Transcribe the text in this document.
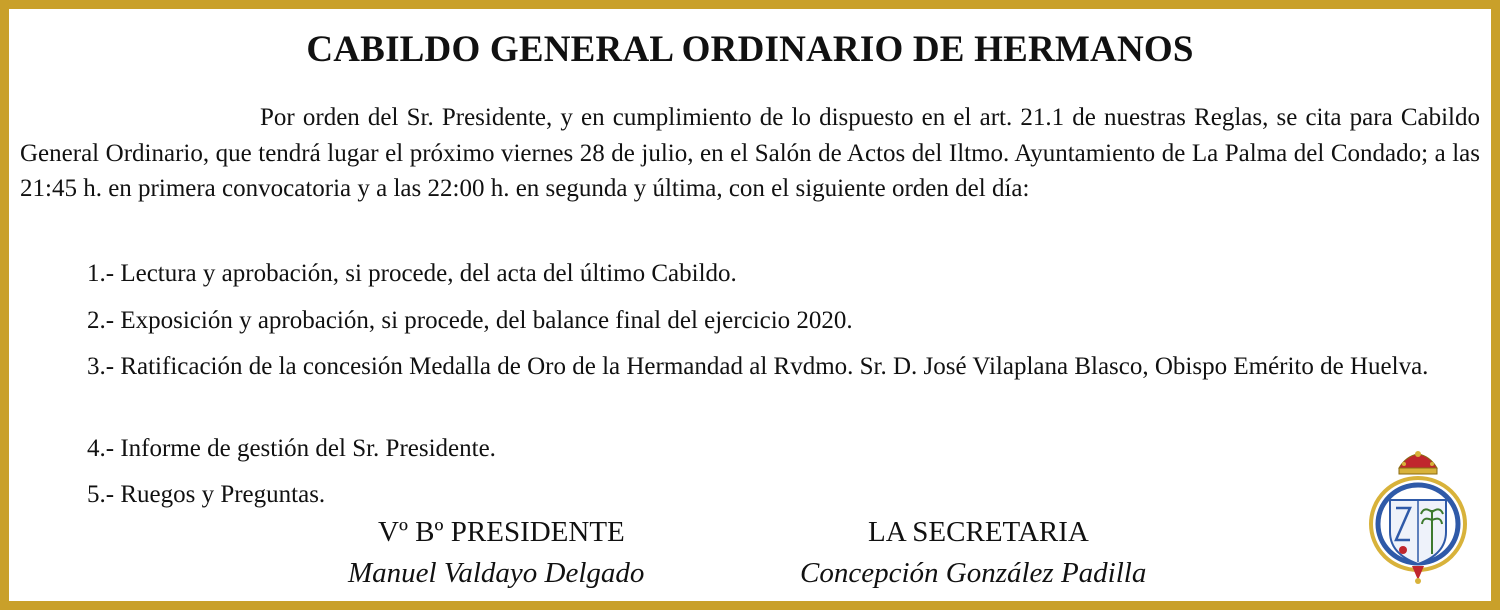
CABILDO GENERAL ORDINARIO DE HERMANOS

Por orden del Sr. Presidente, y en cumplimiento de lo dispuesto en el art. 21.1 de nuestras Reglas, se cita para Cabildo General Ordinario, que tendrá lugar el próximo viernes 28 de julio, en el Salón de Actos del Iltmo. Ayuntamiento de La Palma del Condado; a las 21:45 h. en primera convocatoria y a las 22:00 h. en segunda y última, con el siguiente orden del día:

1.- Lectura y aprobación, si procede, del acta del último Cabildo.

2.- Exposición y aprobación, si procede, del balance final del ejercicio 2020.

3.- Ratificación de la concesión Medalla de Oro de la Hermandad al Rvdmo. Sr. D. José Vilaplana Blasco, Obispo Emérito de Huelva.

4.- Informe de gestión del Sr. Presidente.

5.- Ruegos y Preguntas.

Vº Bº PRESIDENTE
Manuel Valdayo Delgado
LA SECRETARIA
Concepción González Padilla
